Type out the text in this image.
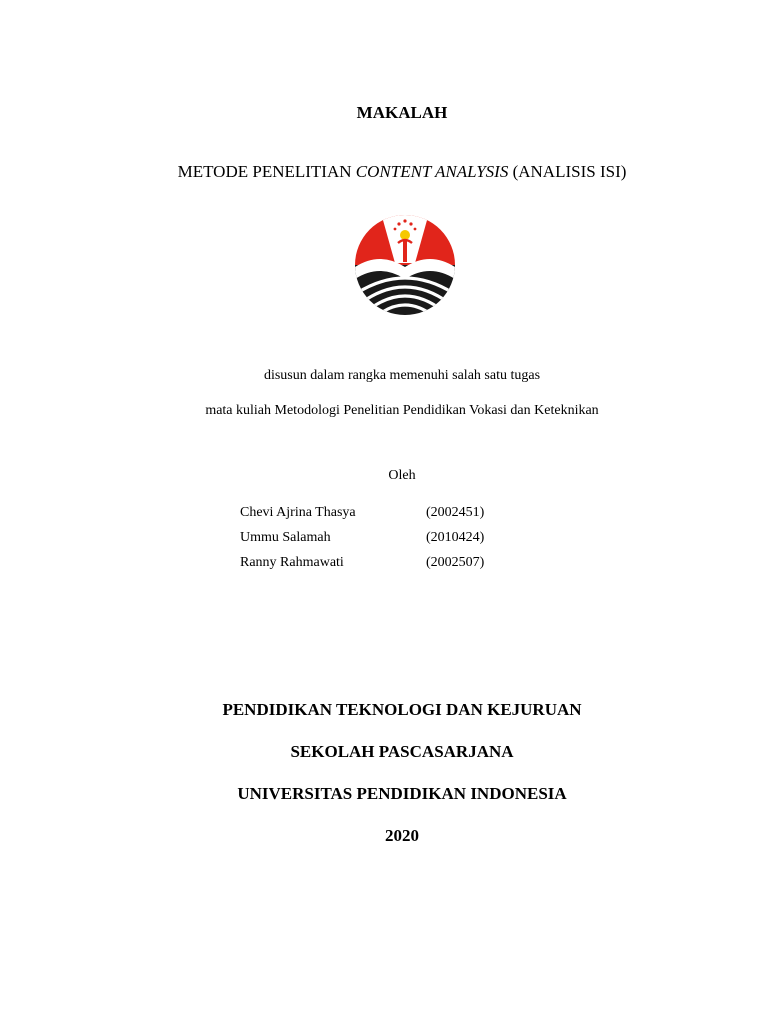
MAKALAH
METODE PENELITIAN CONTENT ANALYSIS (ANALISIS ISI)
disusun dalam rangka memenuhi salah satu tugas
mata kuliah Metodologi Penelitian Pendidikan Vokasi dan Keteknikan
Oleh
Chevi Ajrina Thasya	(2002451)
Ummu Salamah	(2010424)
Ranny Rahmawati	(2002507)
PENDIDIKAN TEKNOLOGI DAN KEJURUAN
SEKOLAH PASCASARJANA
UNIVERSITAS PENDIDIKAN INDONESIA
2020
